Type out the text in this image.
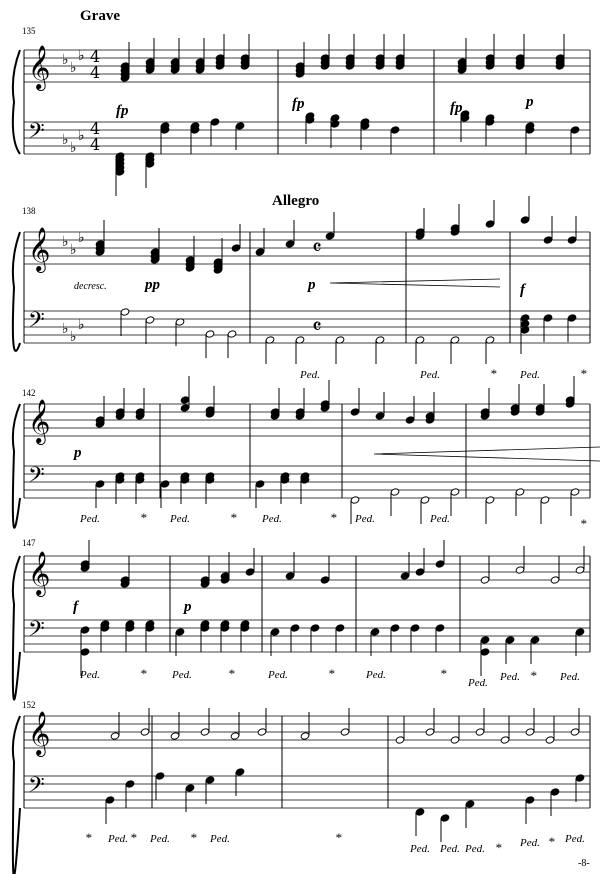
𝄞
𝄢
𝄞
𝄢
𝄞
𝄢
𝄞
𝄢
𝄞
𝄢
♭ ♭
♭
♭ ♭
♭
♭ ♭
♭
♭ ♭
♭
4
4
4
4
𝄴
𝄴
135
138
142
147
152
Grave
Allegro
fp	fp	fp	p
decresc.	pp	p	f
p
f	p
Ped.	Ped.	* Ped.	*
Ped.	* Ped.	* Ped.	* Ped.	Ped.	*
Ped.	* Ped.	*	Ped.	*	Ped.	*
Ped. Ped. * Ped.
* Ped. * Ped. * Ped.	*
Ped. Ped. Ped. * Ped. * Ped.
-8-
